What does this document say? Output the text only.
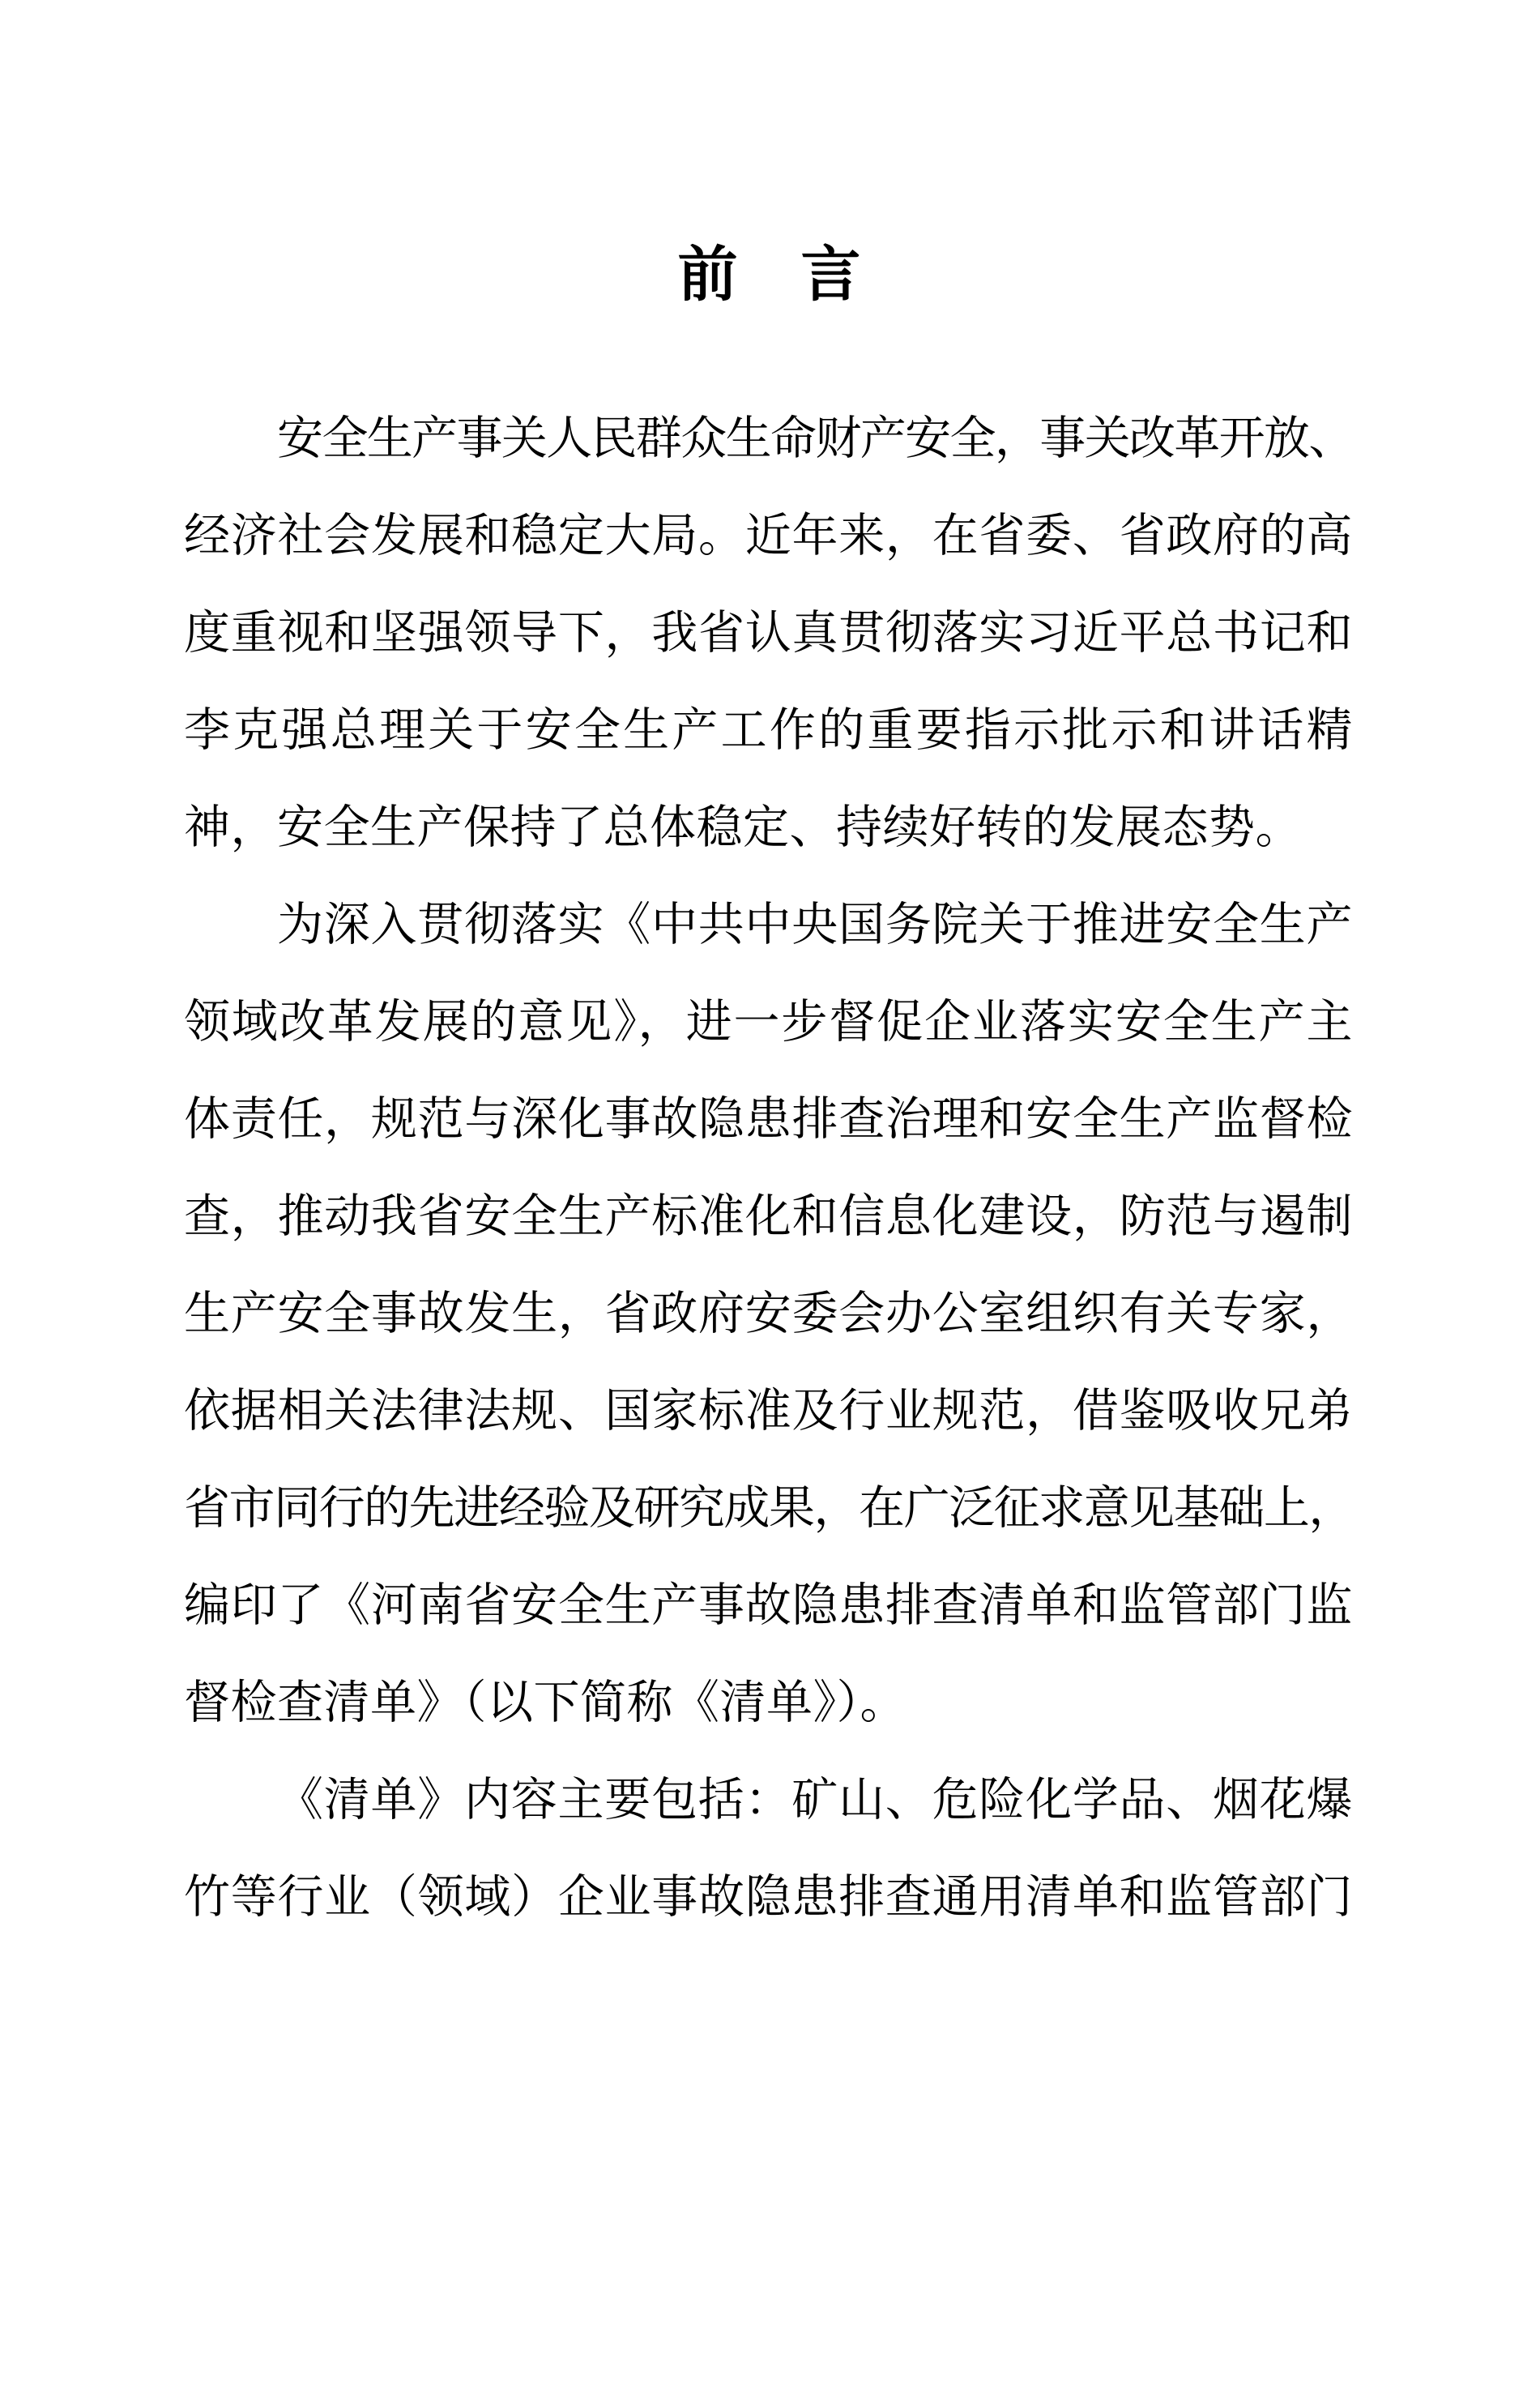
前　言
安全生产事关人民群众生命财产安全，事关改革开放、
经济社会发展和稳定大局。近年来，在省委、省政府的高
度重视和坚强领导下，我省认真贯彻落实习近平总书记和
李克强总理关于安全生产工作的重要指示批示和讲话精
神，安全生产保持了总体稳定、持续好转的发展态势。
为深入贯彻落实《中共中央国务院关于推进安全生产
领域改革发展的意见》，进一步督促企业落实安全生产主
体责任，规范与深化事故隐患排查治理和安全生产监督检
查，推动我省安全生产标准化和信息化建设，防范与遏制
生产安全事故发生，省政府安委会办公室组织有关专家，
依据相关法律法规、国家标准及行业规范，借鉴吸收兄弟
省市同行的先进经验及研究成果，在广泛征求意见基础上，
编印了《河南省安全生产事故隐患排查清单和监管部门监
督检查清单》（以下简称《清单》）。
《清单》内容主要包括：矿山、危险化学品、烟花爆
竹等行业（领域）企业事故隐患排查通用清单和监管部门
